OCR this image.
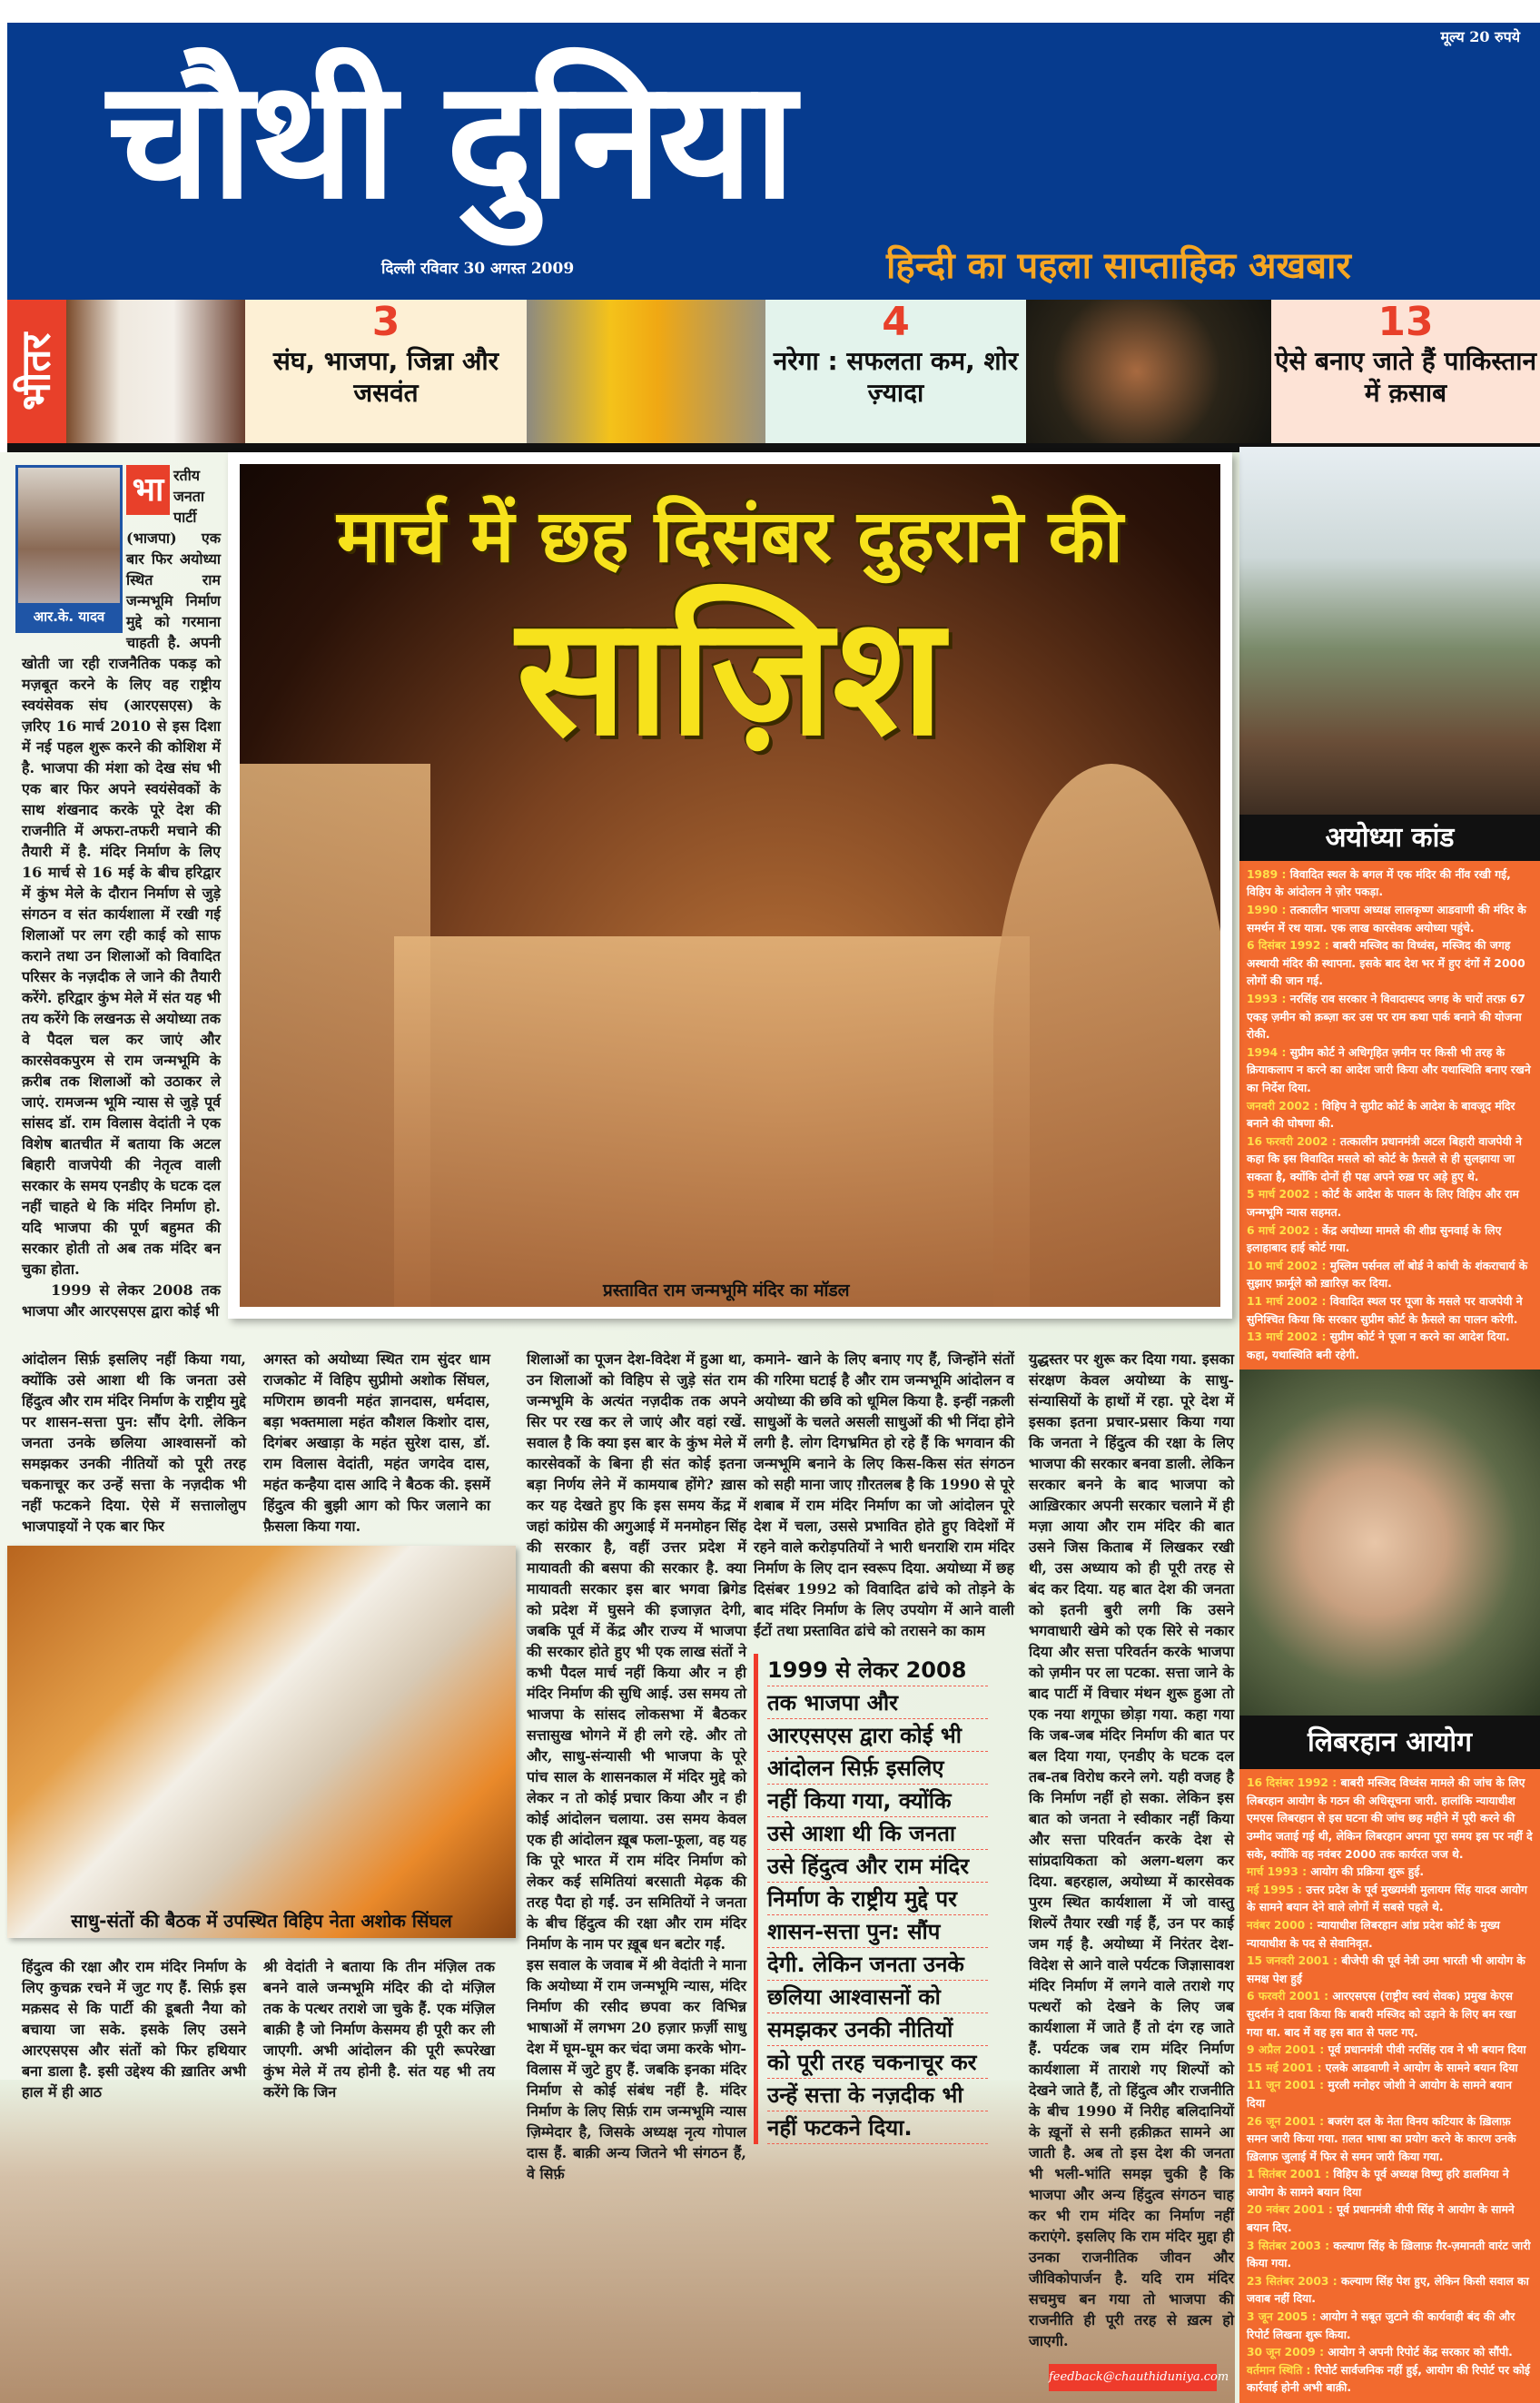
मूल्य 20 रुपये
चौथी दुनिया
दिल्ली रविवार 30 अगस्त 2009	हिन्दी का पहला साप्ताहिक अखबार
भीतर
3
संघ, भाजपा, जिन्ना और जसवंत
4
नरेगा : सफलता कम, शोर ज़्यादा
13
ऐसे बनाए जाते हैं पाकिस्तान में क़साब
आर.के. यादव
भा रतीय जनता पार्टी (भाजपा) एक बार फिर अयोध्या स्थित राम जन्मभूमि निर्माण मुद्दे को गरमाना चाहती है. अपनी खोती जा रही राजनैतिक पकड़ को मज़बूत करने के लिए वह राष्ट्रीय स्वयंसेवक संघ (आरएसएस) के ज़रिए 16 मार्च 2010 से इस दिशा में नई पहल शुरू करने की कोशिश में है. भाजपा की मंशा को देख संघ भी एक बार फिर अपने स्वयंसेवकों के साथ शंखनाद करके पूरे देश की राजनीति में अफरा-तफरी मचाने की तैयारी में है. मंदिर निर्माण के लिए 16 मार्च से 16 मई के बीच हरिद्वार में कुंभ मेले के दौरान निर्माण से जुड़े संगठन व संत कार्यशाला में रखी गई शिलाओं पर लग रही काई को साफ कराने तथा उन शिलाओं को विवादित परिसर के नज़दीक ले जाने की तैयारी करेंगे. हरिद्वार कुंभ मेले में संत यह भी तय करेंगे कि लखनऊ से अयोध्या तक वे पैदल चल कर जाएं और कारसेवकपुरम से राम जन्मभूमि के क़रीब तक शिलाओं को उठाकर ले जाएं. रामजन्म भूमि न्यास से जुड़े पूर्व सांसद डॉ. राम विलास वेदांती ने एक विशेष बातचीत में बताया कि अटल बिहारी वाजपेयी की नेतृत्व वाली सरकार के समय एनडीए के घटक दल नहीं चाहते थे कि मंदिर निर्माण हो. यदि भाजपा की पूर्ण बहुमत की सरकार होती तो अब तक मंदिर बन चुका होता.

1999 से लेकर 2008 तक भाजपा और आरएसएस द्वारा कोई भी

मार्च में छह दिसंबर दुहराने की
साज़िश
प्रस्तावित राम जन्मभूमि मंदिर का मॉडल
आंदोलन सिर्फ़ इसलिए नहीं किया गया, क्योंकि उसे आशा थी कि जनता उसे हिंदुत्व और राम मंदिर निर्माण के राष्ट्रीय मुद्दे पर शासन-सत्ता पुन: सौंप देगी. लेकिन जनता उनके छलिया आश्वासनों को समझकर उनकी नीतियों को पूरी तरह चकनाचूर कर उन्हें सत्ता के नज़दीक भी नहीं फटकने दिया. ऐसे में सत्तालोलुप भाजपाइयों ने एक बार फिर
अगस्त को अयोध्या स्थित राम सुंदर धाम राजकोट में विहिप सुप्रीमो अशोक सिंघल, मणिराम छावनी महंत ज्ञानदास, धर्मदास, बड़ा भक्तमाला महंत कौशल किशोर दास, दिगंबर अखाड़ा के महंत सुरेश दास, डॉ. राम विलास वेदांती, महंत जगदेव दास, महंत कन्हैया दास आदि ने बैठक की. इसमें हिंदुत्व की बुझी आग को फिर जलाने का फ़ैसला किया गया.
साधु-संतों की बैठक में उपस्थित विहिप नेता अशोक सिंघल
हिंदुत्व की रक्षा और राम मंदिर निर्माण के लिए कुचक्र रचने में जुट गए हैं. सिर्फ़ इस मक़सद से कि पार्टी की डूबती नैया को बचाया जा सके. इसके लिए उसने आरएसएस और संतों को फिर हथियार बना डाला है. इसी उद्देश्य की ख़ातिर अभी हाल में ही आठ
श्री वेदांती ने बताया कि तीन मंज़िल तक बनने वाले जन्मभूमि मंदिर की दो मंज़िल तक के पत्थर तराशे जा चुके हैं. एक मंज़िल बाक़ी है जो निर्माण केसमय ही पूरी कर ली जाएगी. अभी आंदोलन की पूरी रूपरेखा कुंभ मेले में तय होनी है. संत यह भी तय करेंगे कि जिन

शिलाओं का पूजन देश-विदेश में हुआ था, उन शिलाओं को विहिप से जुड़े संत राम जन्मभूमि के अत्यंत नज़दीक तक अपने सिर पर रख कर ले जाएं और वहां रखें. सवाल है कि क्या इस बार के कुंभ मेले में कारसेवकों के बिना ही संत कोई इतना बड़ा निर्णय लेने में कामयाब होंगे? ख़ास कर यह देखते हुए कि इस समय केंद्र में जहां कांग्रेस की अगुआई में मनमोहन सिंह की सरकार है, वहीं उत्तर प्रदेश में मायावती की बसपा की सरकार है. क्या मायावती सरकार इस बार भगवा ब्रिगेड को प्रदेश में घुसने की इजाज़त देगी, जबकि पूर्व में केंद्र और राज्य में भाजपा की सरकार होते हुए भी एक लाख संतों ने कभी पैदल मार्च नहीं किया और न ही मंदिर निर्माण की सुधि आई. उस समय तो भाजपा के सांसद लोकसभा में बैठकर सत्तासुख भोगने में ही लगे रहे. और तो और, साधु-संन्यासी भी भाजपा के पूरे पांच साल के शासनकाल में मंदिर मुद्दे को लेकर न तो कोई प्रचार किया और न ही कोई आंदोलन चलाया. उस समय केवल एक ही आंदोलन ख़ूब फला-फूला, वह यह कि पूरे भारत में राम मंदिर निर्माण को लेकर कई समितियां बरसाती मेढ़क की तरह पैदा हो गईं. उन समितियों ने जनता के बीच हिंदुत्व की रक्षा और राम मंदिर निर्माण के नाम पर ख़ूब धन बटोर गईं.

इस सवाल के जवाब में श्री वेदांती ने माना कि अयोध्या में राम जन्मभूमि न्यास, मंदिर निर्माण की रसीद छपवा कर विभिन्न भाषाओं में लगभग 20 हज़ार फ़र्ज़ी साधु देश में घूम-घूम कर चंदा जमा करके भोग-विलास में जुटे हुए हैं. जबकि इनका मंदिर निर्माण से कोई संबंध नहीं है. मंदिर निर्माण के लिए सिर्फ़ राम जन्मभूमि न्यास ज़िम्मेदार है, जिसके अध्यक्ष नृत्य गोपाल दास हैं. बाक़ी अन्य जितने भी संगठन हैं, वे सिर्फ़

कमाने- खाने के लिए बनाए गए हैं, जिन्होंने संतों की गरिमा घटाई है और राम जन्मभूमि आंदोलन व अयोध्या की छवि को धूमिल किया है. इन्हीं नक़ली साधुओं के चलते असली साधुओं की भी निंदा होने लगी है. लोग दिगभ्रमित हो रहे हैं कि भगवान की जन्मभूमि बनाने के लिए किस-किस संत संगठन को सही माना जाए ग़ौरतलब है कि 1990 से पूरे शबाब में राम मंदिर निर्माण का जो आंदोलन पूरे देश में चला, उससे प्रभावित होते हुए विदेशों में रहने वाले करोड़पतियों ने भारी धनराशि राम मंदिर निर्माण के लिए दान स्वरूप दिया. अयोध्या में छह दिसंबर 1992 को विवादित ढांचे को तोड़ने के बाद मंदिर निर्माण के लिए उपयोग में आने वाली ईंटों तथा प्रस्तावित ढांचे को तरासने का काम
1999 से लेकर 2008
तक भाजपा और
आरएसएस द्वारा कोई भी
आंदोलन सिर्फ़ इसलिए
नहीं किया गया, क्योंकि
उसे आशा थी कि जनता
उसे हिंदुत्व और राम मंदिर
निर्माण के राष्ट्रीय मुद्दे पर
शासन-सत्ता पुन: सौंप
देगी. लेकिन जनता उनके
छलिया आश्वासनों को
समझकर उनकी नीतियों
को पूरी तरह चकनाचूर कर
उन्हें सत्ता के नज़दीक भी
नहीं फटकने दिया.
युद्धस्तर पर शुरू कर दिया गया. इसका संरक्षण केवल अयोध्या के साधु-संन्यासियों के हाथों में रहा. पूरे देश में इसका इतना प्रचार-प्रसार किया गया कि जनता ने हिंदुत्व की रक्षा के लिए भाजपा की सरकार बनवा डाली. लेकिन सरकार बनने के बाद भाजपा को आख़िरकार अपनी सरकार चलाने में ही मज़ा आया और राम मंदिर की बात उसने जिस किताब में लिखकर रखी थी, उस अध्याय को ही पूरी तरह से बंद कर दिया. यह बात देश की जनता को इतनी बुरी लगी कि उसने भगवाधारी खेमे को एक सिरे से नकार दिया और सत्ता परिवर्तन करके भाजपा को ज़मीन पर ला पटका. सत्ता जाने के बाद पार्टी में विचार मंथन शुरू हुआ तो एक नया शगूफा छोड़ा गया. कहा गया कि जब-जब मंदिर निर्माण की बात पर बल दिया गया, एनडीए के घटक दल तब-तब विरोध करने लगे. यही वजह है कि निर्माण नहीं हो सका. लेकिन इस बात को जनता ने स्वीकार नहीं किया और सत्ता परिवर्तन करके देश से सांप्रदायिकता को अलग-थलग कर दिया. बहरहाल, अयोध्या में कारसेवक पुरम स्थित कार्यशाला में जो वास्तु शिल्पें तैयार रखी गई हैं, उन पर काई जम गई है. अयोध्या में निरंतर देश-विदेश से आने वाले पर्यटक जिज्ञासावश मंदिर निर्माण में लगने वाले तराशे गए पत्थरों को देखने के लिए जब कार्यशाला में जाते हैं तो दंग रह जाते हैं. पर्यटक जब राम मंदिर निर्माण कार्यशाला में ताराशे गए शिल्पों को देखने जाते हैं, तो हिंदुत्व और राजनीति के बीच 1990 में निरीह बलिदानियों के ख़ूनों से सनी हक़ीक़त सामने आ जाती है. अब तो इस देश की जनता भी भली-भांति समझ चुकी है कि भाजपा और अन्य हिंदुत्व संगठन चाह कर भी राम मंदिर का निर्माण नहीं कराएंगे. इसलिए कि राम मंदिर मुद्दा ही उनका राजनीतिक जीवन और जीविकोपार्जन है. यदि राम मंदिर सचमुच बन गया तो भाजपा की राजनीति ही पूरी तरह से ख़त्म हो जाएगी.
feedback@chauthiduniya.com
अयोध्या कांड
1989 : विवादित स्थल के बगल में एक मंदिर की नींव रखी गई, विहिप के आंदोलन ने ज़ोर पकड़ा.
1990 : तत्कालीन भाजपा अध्यक्ष लालकृष्ण आडवाणी की मंदिर के समर्थन में रथ यात्रा. एक लाख कारसेवक अयोध्या पहुंचे.
6 दिसंबर 1992 : बाबरी मस्जिद का विध्वंस, मस्जिद की जगह अस्थायी मंदिर की स्थापना. इसके बाद देश भर में हुए दंगों में 2000 लोगों की जान गई.
1993 : नरसिंह राव सरकार ने विवादास्पद जगह के चारों तरफ़ 67 एकड़ ज़मीन को क़ब्ज़ा कर उस पर राम कथा पार्क बनाने की योजना रोकी.
1994 : सुप्रीम कोर्ट ने अधिगृहित ज़मीन पर किसी भी तरह के क्रियाकलाप न करने का आदेश जारी किया और यथास्थिति बनाए रखने का निर्देश दिया.
जनवरी 2002 : विहिप ने सुप्रीट कोर्ट के आदेश के बावजूद मंदिर बनाने की घोषणा की.
16 फरवरी 2002 : तत्कालीन प्रधानमंत्री अटल बिहारी वाजपेयी ने कहा कि इस विवादित मसले को कोर्ट के फ़ैसले से ही सुलझाया जा सकता है, क्योंकि दोनों ही पक्ष अपने रुख़ पर अड़े हुए थे.
5 मार्च 2002 : कोर्ट के आदेश के पालन के लिए विहिप और राम जन्मभूमि न्यास सहमत.
6 मार्च 2002 : केंद्र अयोध्या मामले की शीघ्र सुनवाई के लिए इलाहाबाद हाई कोर्ट गया.
10 मार्च 2002 : मुस्लिम पर्सनल लॉ बोर्ड ने कांची के शंकराचार्य के सुझाए फ़ार्मूले को ख़ारिज़ कर दिया.
11 मार्च 2002 : विवादित स्थल पर पूजा के मसले पर वाजपेयी ने सुनिश्चित किया कि सरकार सुप्रीम कोर्ट के फ़ैसले का पालन करेगी.
13 मार्च 2002 : सुप्रीम कोर्ट ने पूजा न करने का आदेश दिया. कहा, यथास्थिति बनी रहेगी.
लिबरहान आयोग
16 दिसंबर 1992 : बाबरी मस्जिद विध्वंस मामले की जांच के लिए लिबरहान आयोग के गठन की अधिसूचना जारी. हालांकि न्यायाधीश एमएस लिबरहान से इस घटना की जांच छह महीने में पूरी करने की उम्मीद जताई गई थी, लेकिन लिबरहान अपना पूरा समय इस पर नहीं दे सके, क्योंकि वह नवंबर 2000 तक कार्यरत जज थे.
मार्च 1993 : आयोग की प्रक्रिया शुरू हुई.
मई 1995 : उत्तर प्रदेश के पूर्व मुख्यमंत्री मुलायम सिंह यादव आयोग के सामने बयान देने वाले लोगों में सबसे पहले थे.
नवंबर 2000 : न्यायाधीश लिबरहान आंध्र प्रदेश कोर्ट के मुख्य न्यायाधीश के पद से सेवानिवृत.
15 जनवरी 2001 : बीजेपी की पूर्व नेत्री उमा भारती भी आयोग के समक्ष पेश हुईं
6 फरवरी 2001 : आरएसएस (राष्ट्रीय स्वयं सेवक) प्रमुख केएस सुदर्शन ने दावा किया कि बाबरी मस्जिद को उड़ाने के लिए बम रखा गया था. बाद में वह इस बात से पलट गए.
9 अप्रैल 2001 : पूर्व प्रधानमंत्री पीवी नरसिंह राव ने भी बयान दिया
15 मई 2001 : एलके आडवाणी ने आयोग के सामने बयान दिया
11 जून 2001 : मुरली मनोहर जोशी ने आयोग के सामने बयान दिया
26 जून 2001 : बजरंग दल के नेता विनय कटियार के ख़िलाफ़ समन जारी किया गया. ग़लत भाषा का प्रयोग करने के कारण उनके ख़िलाफ़ जुलाई में फिर से समन जारी किया गया.
1 सितंबर 2001 : विहिप के पूर्व अध्यक्ष विष्णु हरि डालमिया ने आयोग के सामने बयान दिया
20 नवंबर 2001 : पूर्व प्रधानमंत्री वीपी सिंह ने आयोग के सामने बयान दिए.
3 सितंबर 2003 : कल्याण सिंह के ख़िलाफ़ ग़ैर-ज़मानती वारंट जारी किया गया.
23 सितंबर 2003 : कल्याण सिंह पेश हुए, लेकिन किसी सवाल का जवाब नहीं दिया.
3 जून 2005 : आयोग ने सबूत जुटाने की कार्यवाही बंद की और रिपोर्ट लिखना शुरू किया.
30 जून 2009 : आयोग ने अपनी रिपोर्ट केंद्र सरकार को सौंपी.
वर्तमान स्थिति : रिपोर्ट सार्वजनिक नहीं हुई, आयोग की रिपोर्ट पर कोई कार्रवाई होनी अभी बाक़ी.
